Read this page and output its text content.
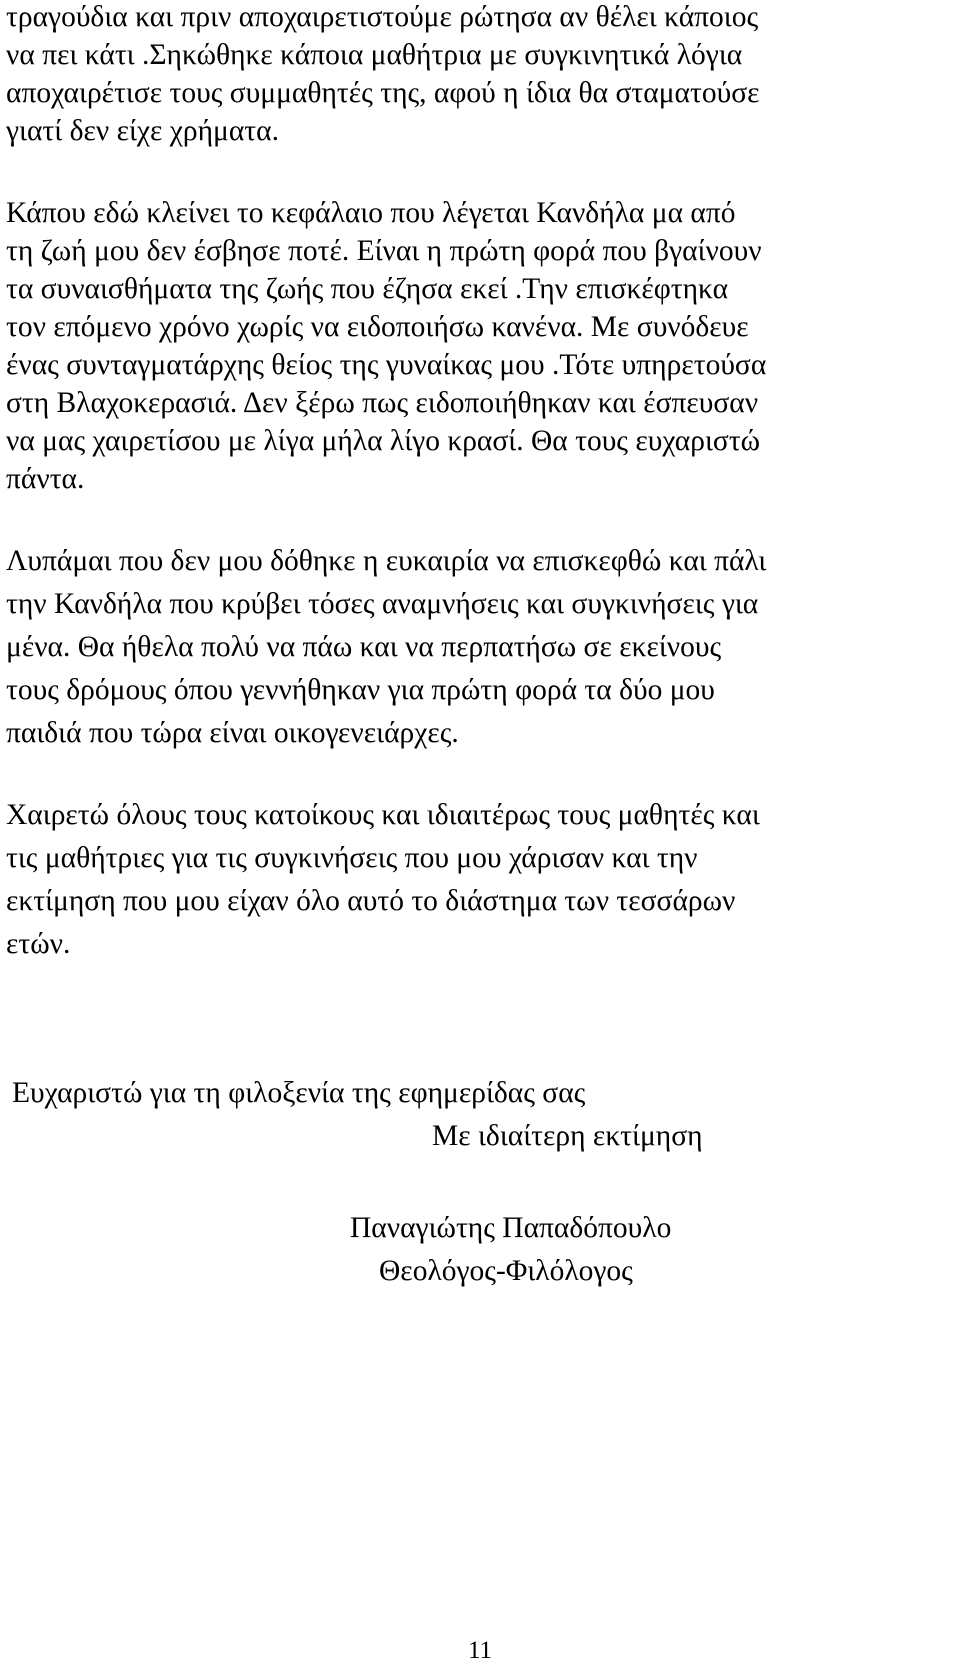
τραγούδια και πριν αποχαιρετιστούμε ρώτησα αν θέλει κάποιος
να πει κάτι .Σηκώθηκε κάποια μαθήτρια με συγκινητικά λόγια
αποχαιρέτισε τους συμμαθητές της, αφού η ίδια θα σταματούσε
γιατί δεν είχε χρήματα.
Κάπου εδώ κλείνει το κεφάλαιο που λέγεται Κανδήλα μα από
τη ζωή μου δεν έσβησε ποτέ. Είναι η πρώτη φορά που βγαίνουν
τα συναισθήματα της ζωής που έζησα εκεί .Την επισκέφτηκα
τον επόμενο χρόνο χωρίς να ειδοποιήσω κανένα. Με συνόδευε
ένας συνταγματάρχης θείος της γυναίκας μου .Τότε υπηρετούσα
στη Βλαχοκερασιά. Δεν ξέρω πως ειδοποιήθηκαν και έσπευσαν
να μας χαιρετίσου με λίγα μήλα λίγο κρασί. Θα τους ευχαριστώ
πάντα.
Λυπάμαι που δεν μου δόθηκε η ευκαιρία να επισκεφθώ και πάλι
την Κανδήλα που κρύβει τόσες αναμνήσεις και συγκινήσεις για
μένα. Θα ήθελα πολύ να πάω και να περπατήσω σε εκείνους
τους δρόμους όπου γεννήθηκαν για πρώτη φορά τα δύο μου
παιδιά που τώρα είναι οικογενειάρχες.
Χαιρετώ όλους τους κατοίκους και ιδιαιτέρως τους μαθητές και
τις μαθήτριες για τις συγκινήσεις που μου χάρισαν και την
εκτίμηση που μου είχαν όλο αυτό το διάστημα των τεσσάρων
ετών.
Ευχαριστώ για τη φιλοξενία της εφημερίδας σας
Με ιδιαίτερη εκτίμηση
Παναγιώτης Παπαδόπουλο
Θεολόγος-Φιλόλογος
11
